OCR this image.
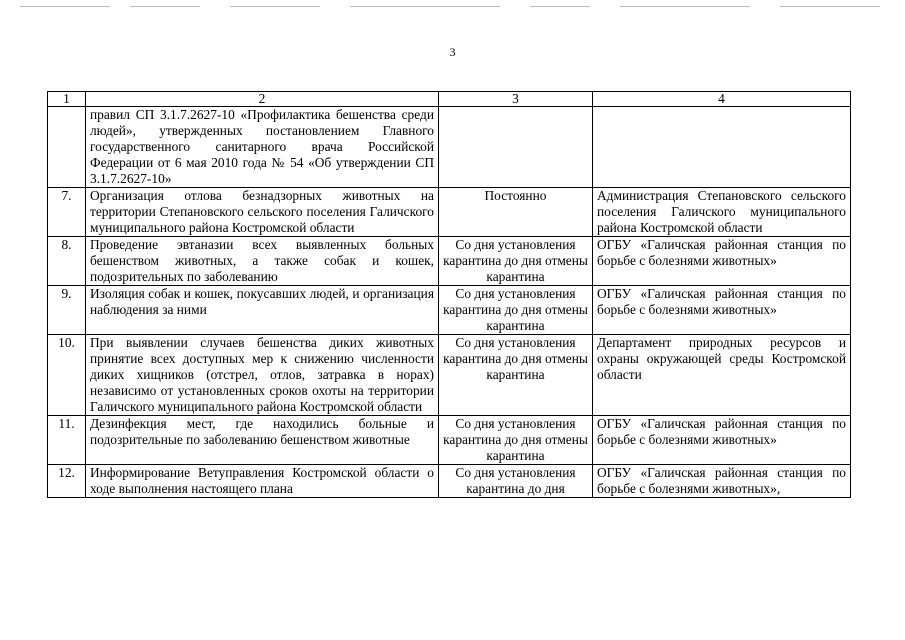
3
1	2	3	4
	правил СП 3.1.7.2627-10 «Профилактика бешенства среди людей», утвержденных постановлением Главного государственного санитарного врача Российской Федерации от 6 мая 2010 года № 54 «Об утверждении СП 3.1.7.2627-10»		
7.	Организация отлова безнадзорных животных на территории Степановского сельского поселения Галичского муниципального района Костромской области	Постоянно	Администрация Степановского сельского поселения Галичского муниципального района Костромской области
8.	Проведение эвтаназии всех выявленных больных бешенством животных, а также собак и кошек, подозрительных по заболеванию	Со дня установления карантина до дня отмены карантина	ОГБУ «Галичская районная станция по борьбе с болезнями животных»
9.	Изоляция собак и кошек, покусавших людей, и организация наблюдения за ними	Со дня установления карантина до дня отмены карантина	ОГБУ «Галичская районная станция по борьбе с болезнями животных»
10.	При выявлении случаев бешенства диких животных принятие всех доступных мер к снижению численности диких хищников (отстрел, отлов, затравка в норах) независимо от установленных сроков охоты на территории Галичского муниципального района Костромской области	Со дня установления карантина до дня отмены карантина	Департамент природных ресурсов и охраны окружающей среды Костромской области
11.	Дезинфекция мест, где находились больные и подозрительные по заболеванию бешенством животные	Со дня установления карантина до дня отмены карантина	ОГБУ «Галичская районная станция по борьбе с болезнями животных»
12.	Информирование Ветуправления Костромской области о ходе выполнения настоящего плана	Со дня установления карантина до дня	ОГБУ «Галичская районная станция по борьбе с болезнями животных»,
